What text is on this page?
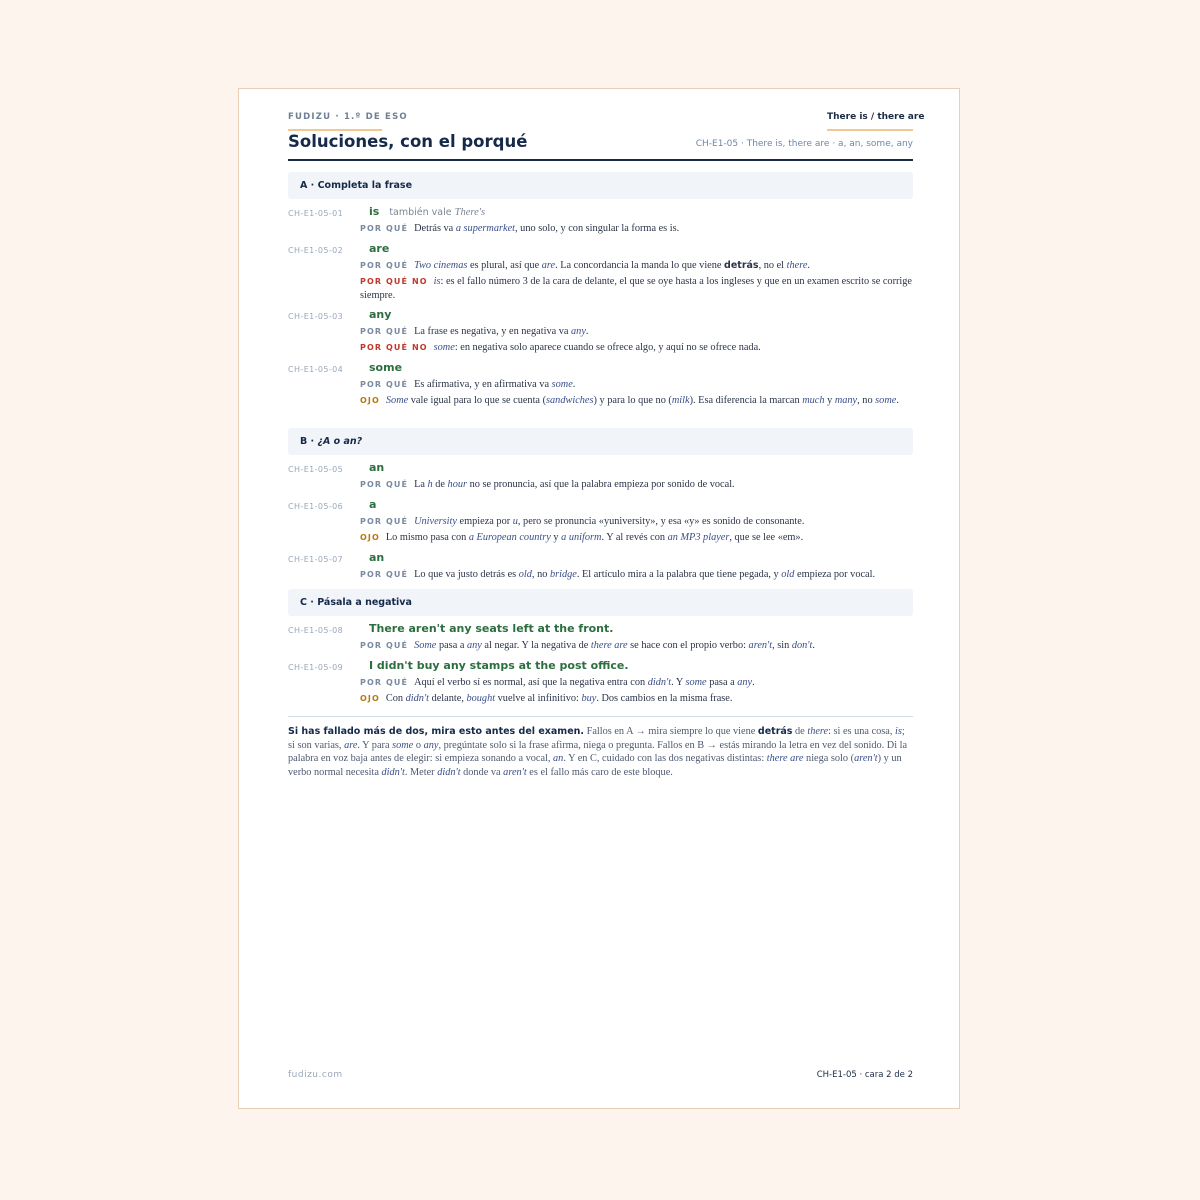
FUDIZU · 1.º DE ESO	There is / there are
Soluciones, con el porqué	CH-E1-05 · There is, there are · a, an, some, any
A · Completa la frase
CH-E1-05-01 is también vale There's
POR QUÉ Detrás va a supermarket, uno solo, y con singular la forma es is.
CH-E1-05-02 are
POR QUÉ Two cinemas es plural, así que are. La concordancia la manda lo que viene detrás, no el there.
POR QUÉ NO is: es el fallo número 3 de la cara de delante, el que se oye hasta a los ingleses y que en un examen escrito se corrige siempre.
CH-E1-05-03 any
POR QUÉ La frase es negativa, y en negativa va any.
POR QUÉ NO some: en negativa solo aparece cuando se ofrece algo, y aquí no se ofrece nada.
CH-E1-05-04 some
POR QUÉ Es afirmativa, y en afirmativa va some.
OJO Some vale igual para lo que se cuenta (sandwiches) y para lo que no (milk). Esa diferencia la marcan much y many, no some.
B · ¿A o an?
CH-E1-05-05 an
POR QUÉ La h de hour no se pronuncia, así que la palabra empieza por sonido de vocal.
CH-E1-05-06 a
POR QUÉ University empieza por u, pero se pronuncia «yuniversity», y esa «y» es sonido de consonante.
OJO Lo mismo pasa con a European country y a uniform. Y al revés con an MP3 player, que se lee «em».
CH-E1-05-07 an
POR QUÉ Lo que va justo detrás es old, no bridge. El artículo mira a la palabra que tiene pegada, y old empieza por vocal.
C · Pásala a negativa
CH-E1-05-08 There aren't any seats left at the front.
POR QUÉ Some pasa a any al negar. Y la negativa de there are se hace con el propio verbo: aren't, sin don't.
CH-E1-05-09 I didn't buy any stamps at the post office.
POR QUÉ Aquí el verbo sí es normal, así que la negativa entra con didn't. Y some pasa a any.
OJO Con didn't delante, bought vuelve al infinitivo: buy. Dos cambios en la misma frase.
Si has fallado más de dos, mira esto antes del examen. Fallos en A → mira siempre lo que viene detrás de there: si es una cosa, is; si son varias, are. Y para some o any, pregúntate solo si la frase afirma, niega o pregunta. Fallos en B → estás mirando la letra en vez del sonido. Di la palabra en voz baja antes de elegir: si empieza sonando a vocal, an. Y en C, cuidado con las dos negativas distintas: there are niega solo (aren't) y un verbo normal necesita didn't. Meter didn't donde va aren't es el fallo más caro de este bloque.
fudizu.com	CH-E1-05 · cara 2 de 2
